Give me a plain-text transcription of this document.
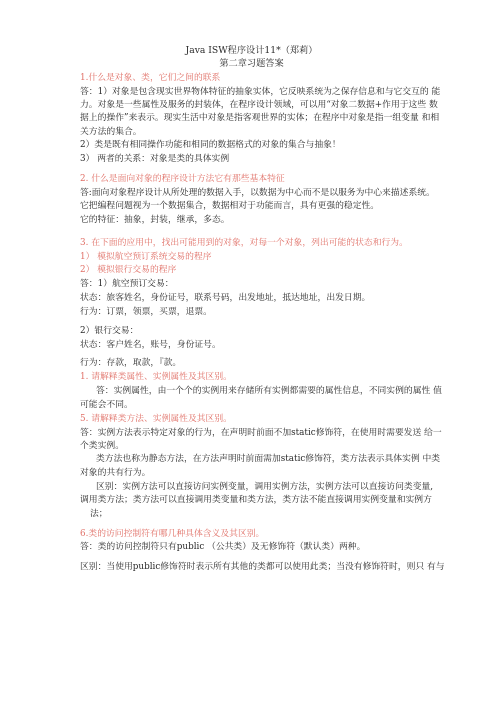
Java ISW程序设计11*（郑莉）
第二章习题答案
1.什么是对象、类，它们之间的联系
答：1）对象是包含现实世界物体特征的抽象实体，它反映系统为之保存信息和与它交互的 能
力。对象是一些属性及服务的封装体，在程序设计领域，可以用“对象二数据+作用于这些 数
据上的操作”来表示。现实生活中对象是指客观世界的实体；在程序中对象是指一组变量 和相
关方法的集合。
2）类是既有相同操作功能和相同的数据格式的对象的集合与抽象！
3） 两者的关系：对象是类的具体实例
2. 什么是面向对象的程序设计方法它有那些基本特征
答:面向对象程序设计从所处理的数据入手，以数据为中心而不是以服务为中心来描述系统。
它把编程问题视为一个数据集合，数据相对于功能而言，具有更强的稳定性。
它的特征：抽象，封装，继承，多态。
3. 在下面的应用中，找出可能用到的对象，对每一个对象，列出可能的状态和行为。
1） 模拟航空预订系统交易的程序
2） 模拟银行交易的程序
答：1）航空预订交易：
状态：旅客姓名，身份证号，联系号码，出发地址，抵达地址，出发日期。
行为：订票，领票，买票，退票。
2）银行交易：
状态：客户姓名，账号，身份证号。
行为：存款，取款，『款。
1. 请解释类属性、实例属性及其区别。
答：实例属性，由一个个的实例用来存储所有实例都需要的属性信息，不同实例的属性 值
可能会不同。
5. 请解释类方法、实例属性及其区别。
答：实例方法表示特定对象的行为，在声明时前面不加static修饰符，在使用时需要发送 给一
个类实例。
类方法也称为静态方法，在方法声明时前面需加static修饰符，类方法表示具体实例 中类
对象的共有行为。
区别：实例方法可以直接访问实例变量，调用实例方法，实例方法可以直接访问类变量,
调用类方法；类方法可以直接调用类变量和类方法，类方法不能直接调用实例变量和实例方
法；
6.类的访问控制符有哪几种具体含义及其区别。
答：类的访问控制符只有public （公共类）及无修饰符（默认类）两种。
区别：当使用public修饰符时表示所有其他的类都可以使用此类；当没有修饰符时，则只 有与
